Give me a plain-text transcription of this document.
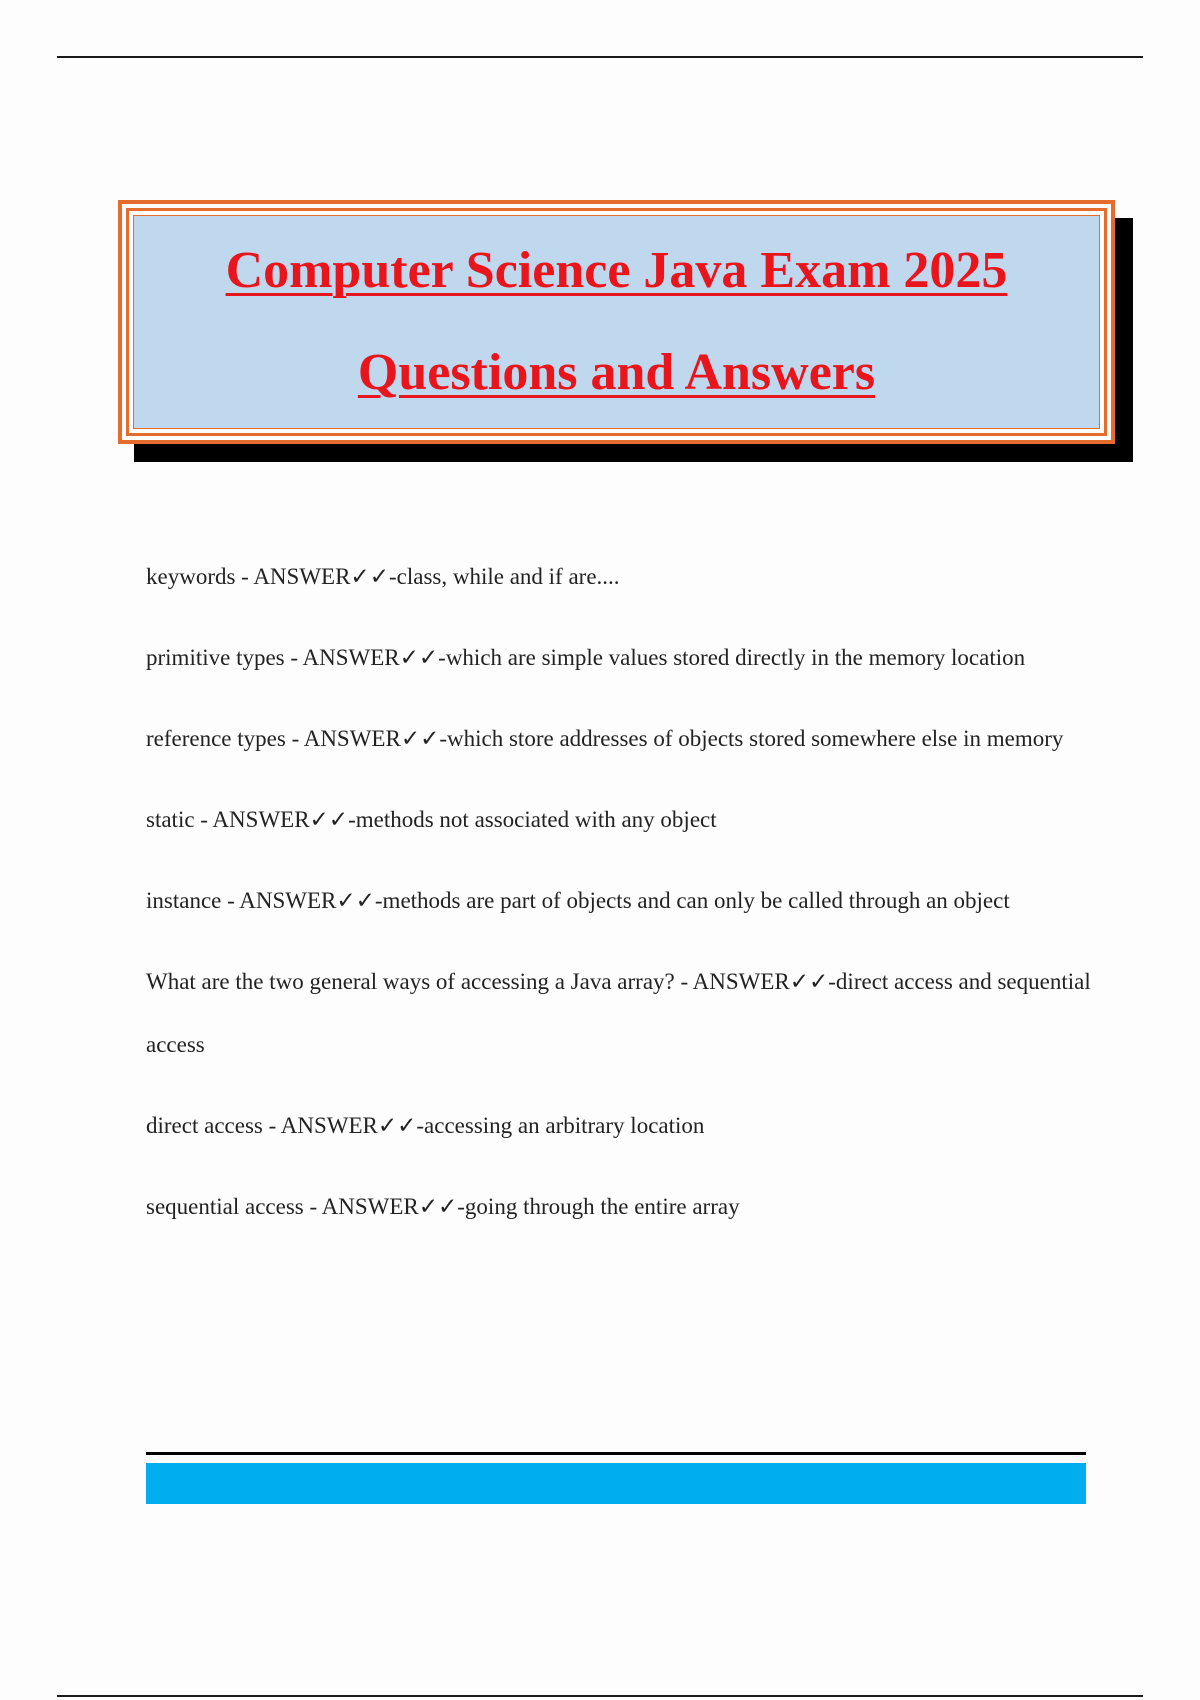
Computer Science Java Exam 2025
Questions and Answers

keywords - ANSWER✓✓-class, while and if are....

primitive types - ANSWER✓✓-which are simple values stored directly in the memory location

reference types - ANSWER✓✓-which store addresses of objects stored somewhere else in memory

static - ANSWER✓✓-methods not associated with any object

instance - ANSWER✓✓-methods are part of objects and can only be called through an object

What are the two general ways of accessing a Java array? - ANSWER✓✓-direct access and sequential access

direct access - ANSWER✓✓-accessing an arbitrary location

sequential access - ANSWER✓✓-going through the entire array
